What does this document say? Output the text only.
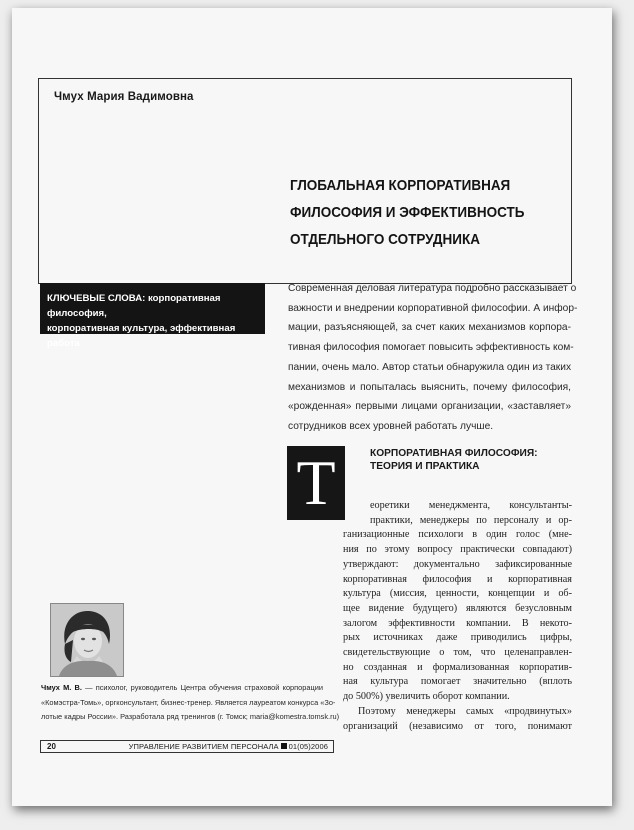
Чмух Мария Вадимовна
ГЛОБАЛЬНАЯ КОРПОРАТИВНАЯ
ФИЛОСОФИЯ И ЭФФЕКТИВНОСТЬ
ОТДЕЛЬНОГО СОТРУДНИКА
КЛЮЧЕВЫЕ СЛОВА: корпоративная философия,
корпоративная культура, эффективная работа
Современная деловая литература подробно рассказывает о
важности и внедрении корпоративной философии. А инфор-
мации, разъясняющей, за счет каких механизмов корпора-
тивная философия помогает повысить эффективность ком-
пании, очень мало. Автор статьи обнаружила один из таких
механизмов и попыталась выяснить, почему философия,
«рожденная» первыми лицами организации, «заставляет»
сотрудников всех уровней работать лучше.
Т	КОРПОРАТИВНАЯ ФИЛОСОФИЯ:
ТЕОРИЯ И ПРАКТИКА
еоретики менеджмента, консультанты-
практики, менеджеры по персоналу и ор-
ганизационные психологи в один голос (мне-
ния по этому вопросу практически совпадают)
утверждают: документально зафиксированные
корпоративная философия и корпоративная
культура (миссия, ценности, концепции и об-
щее видение будущего) являются безусловным
залогом эффективности компании. В некото-
рых источниках даже приводились цифры,
свидетельствующие о том, что целенаправлен-
но созданная и формализованная корпоратив-
ная культура помогает значительно (вплоть
до 500%) увеличить оборот компании.
Поэтому менеджеры самых «продвинутых»
организаций (независимо от того, понимают
Чмух М. В. — психолог, руководитель Центра обучения страховой корпорации
«Комэстра-Томь», оргконсультант, бизнес-тренер. Является лауреатом конкурса «Зо-
лотые кадры России». Разработала ряд тренингов (г. Томск; maria@komestra.tomsk.ru)
20	УПРАВЛЕНИЕ РАЗВИТИЕМ ПЕРСОНАЛА 01(05)2006
